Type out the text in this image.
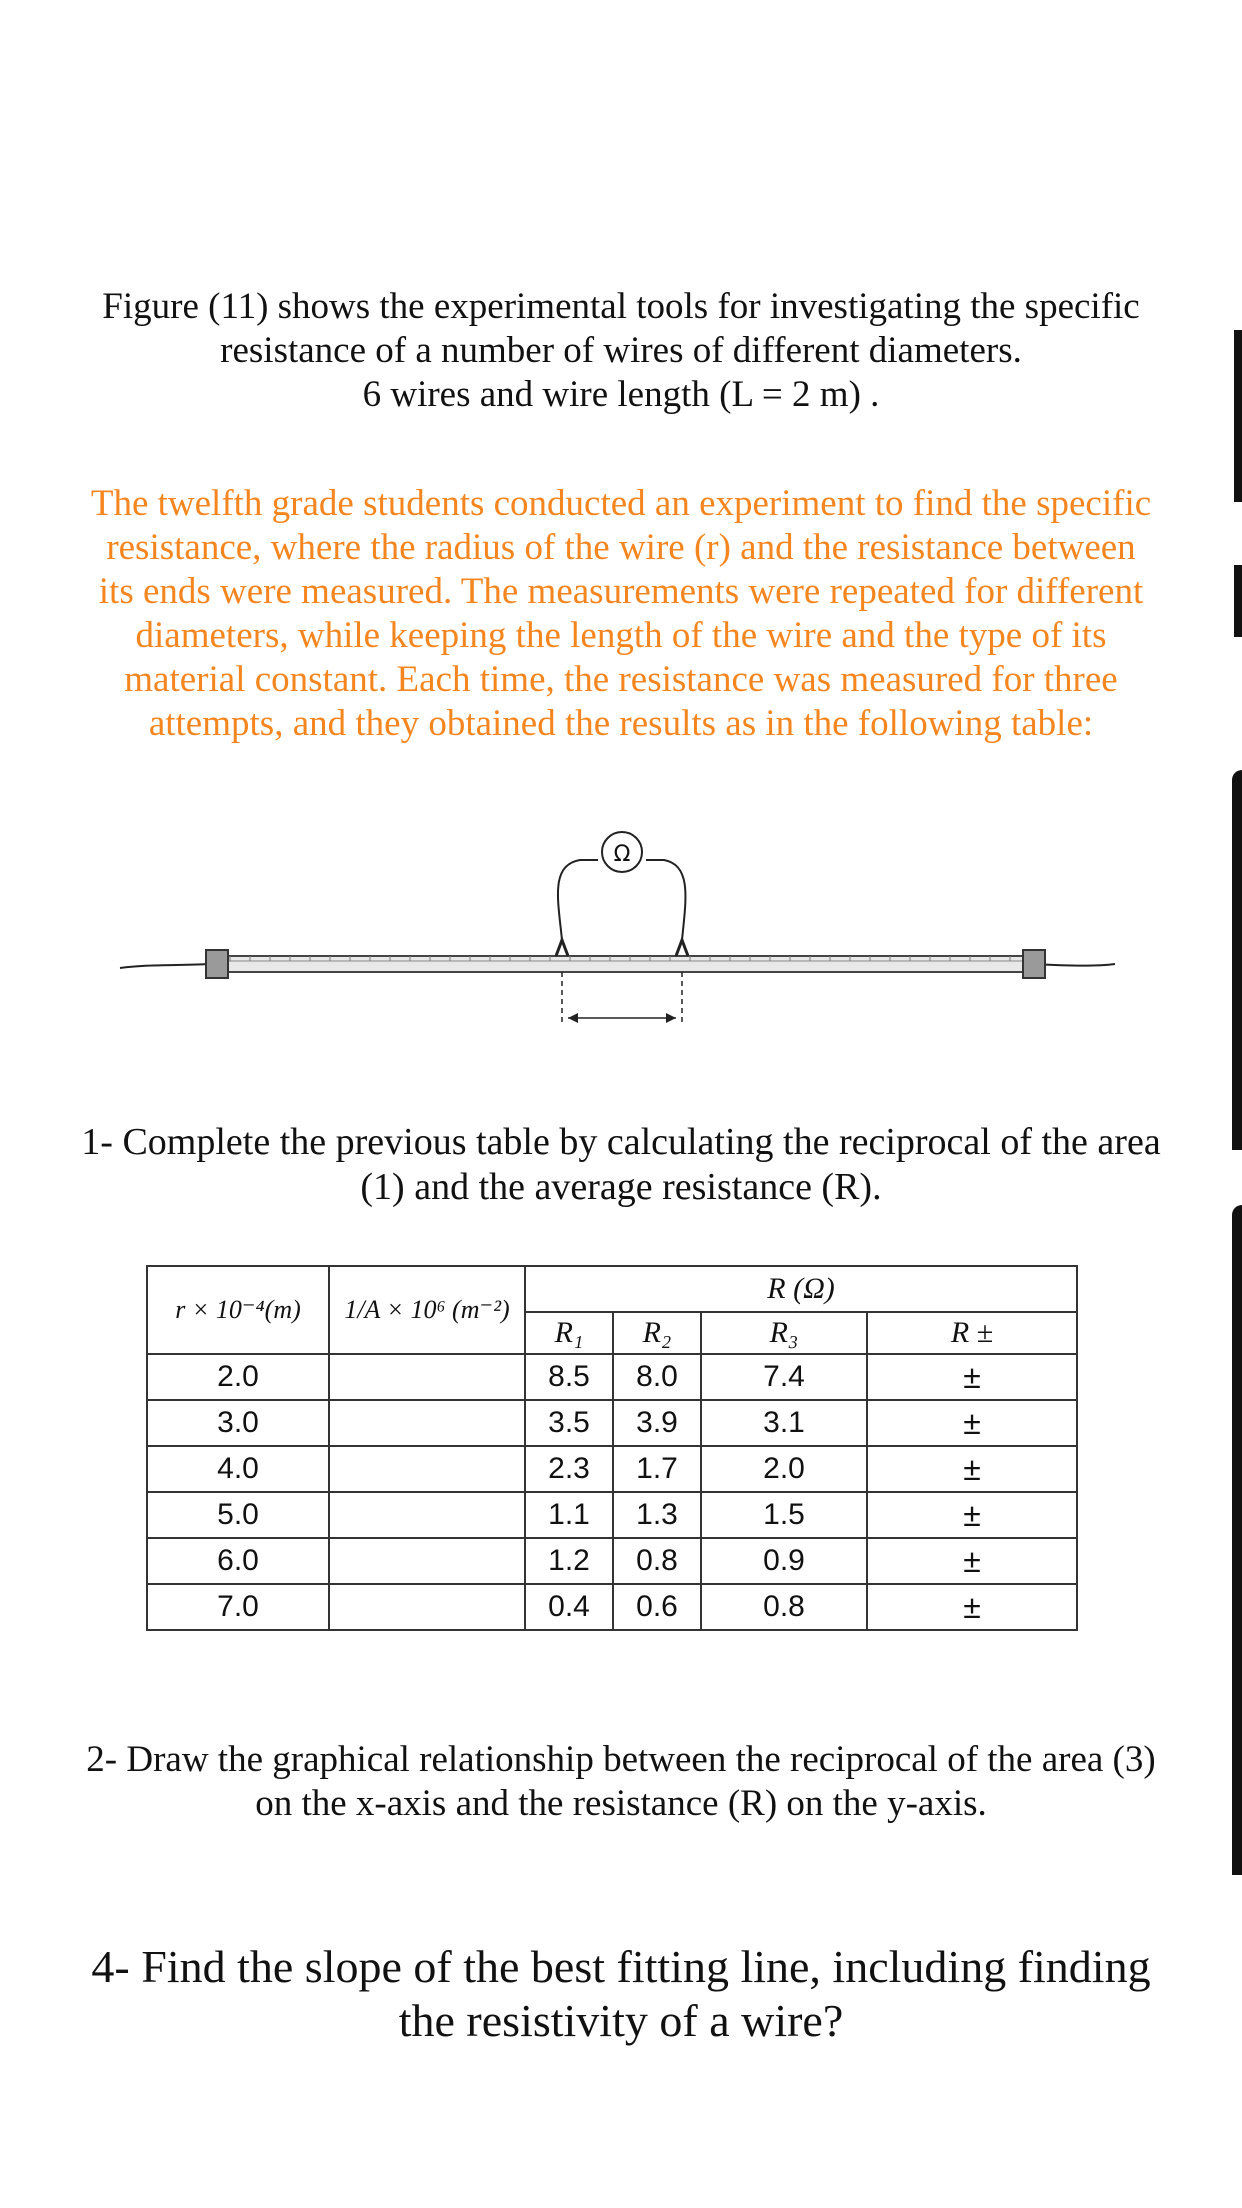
Figure (11) shows the experimental tools for investigating the specific
resistance of a number of wires of different diameters.
6 wires and wire length (L = 2 m) .
The twelfth grade students conducted an experiment to find the specific
resistance, where the radius of the wire (r) and the resistance between
its ends were measured. The measurements were repeated for different
diameters, while keeping the length of the wire and the type of its
material constant. Each time, the resistance was measured for three
attempts, and they obtained the results as in the following table:
Ω
1- Complete the previous table by calculating the reciprocal of the area
(1) and the average resistance (R).
r × 10⁻⁴(m)	1/A × 10⁶ (m⁻²)	R (Ω)			
		R₁	R₂	R₃	R ±
2.0		8.5	8.0	7.4	±
3.0		3.5	3.9	3.1	±
4.0		2.3	1.7	2.0	±
5.0		1.1	1.3	1.5	±
6.0		1.2	0.8	0.9	±
7.0		0.4	0.6	0.8	±
2- Draw the graphical relationship between the reciprocal of the area (3)
on the x-axis and the resistance (R) on the y-axis.
4- Find the slope of the best fitting line, including finding
the resistivity of a wire?
